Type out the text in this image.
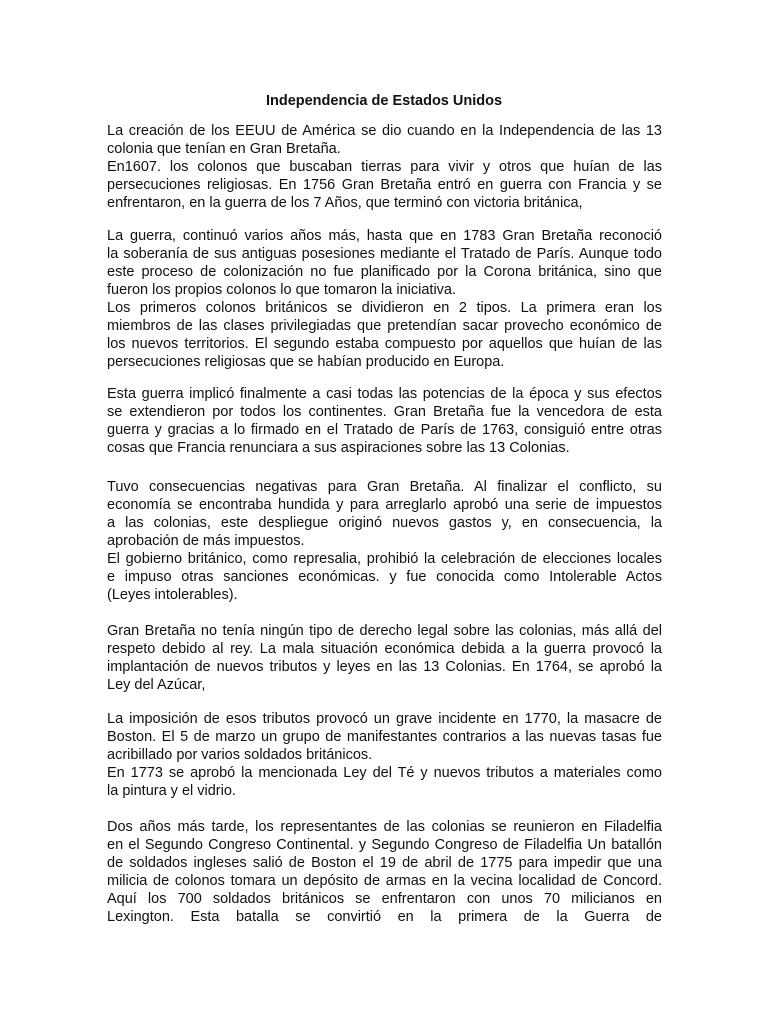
Independencia de Estados Unidos
La creación de los EEUU de América se dio cuando en la Independencia de las 13
colonia que tenían en Gran Bretaña.
En1607. los colonos que buscaban tierras para vivir y otros que huían de las
persecuciones religiosas. En 1756 Gran Bretaña entró en guerra con Francia y se
enfrentaron, en la guerra de los 7 Años, que terminó con victoria británica,
La guerra, continuó varios años más, hasta que en 1783 Gran Bretaña reconoció
la soberanía de sus antiguas posesiones mediante el Tratado de París. Aunque todo
este proceso de colonización no fue planificado por la Corona británica, sino que
fueron los propios colonos lo que tomaron la iniciativa.
Los primeros colonos británicos se dividieron en 2 tipos. La primera eran los
miembros de las clases privilegiadas que pretendían sacar provecho económico de
los nuevos territorios. El segundo estaba compuesto por aquellos que huían de las
persecuciones religiosas que se habían producido en Europa.
Esta guerra implicó finalmente a casi todas las potencias de la época y sus efectos
se extendieron por todos los continentes. Gran Bretaña fue la vencedora de esta
guerra y gracias a lo firmado en el Tratado de París de 1763, consiguió entre otras
cosas que Francia renunciara a sus aspiraciones sobre las 13 Colonias.
Tuvo consecuencias negativas para Gran Bretaña. Al finalizar el conflicto, su
economía se encontraba hundida y para arreglarlo aprobó una serie de impuestos
a las colonias, este despliegue originó nuevos gastos y, en consecuencia, la
aprobación de más impuestos.
El gobierno británico, como represalia, prohibió la celebración de elecciones locales
e impuso otras sanciones económicas. y fue conocida como Intolerable Actos
(Leyes intolerables).
Gran Bretaña no tenía ningún tipo de derecho legal sobre las colonias, más allá del
respeto debido al rey. La mala situación económica debida a la guerra provocó la
implantación de nuevos tributos y leyes en las 13 Colonias. En 1764, se aprobó la
Ley del Azúcar,
La imposición de esos tributos provocó un grave incidente en 1770, la masacre de
Boston. El 5 de marzo un grupo de manifestantes contrarios a las nuevas tasas fue
acribillado por varios soldados británicos.
En 1773 se aprobó la mencionada Ley del Té y nuevos tributos a materiales como
la pintura y el vidrio.
Dos años más tarde, los representantes de las colonias se reunieron en Filadelfia
en el Segundo Congreso Continental. y Segundo Congreso de Filadelfia Un batallón
de soldados ingleses salió de Boston el 19 de abril de 1775 para impedir que una
milicia de colonos tomara un depósito de armas en la vecina localidad de Concord.
Aquí los 700 soldados británicos se enfrentaron con unos 70 milicianos en
Lexington. Esta batalla se convirtió en la primera de la Guerra de
